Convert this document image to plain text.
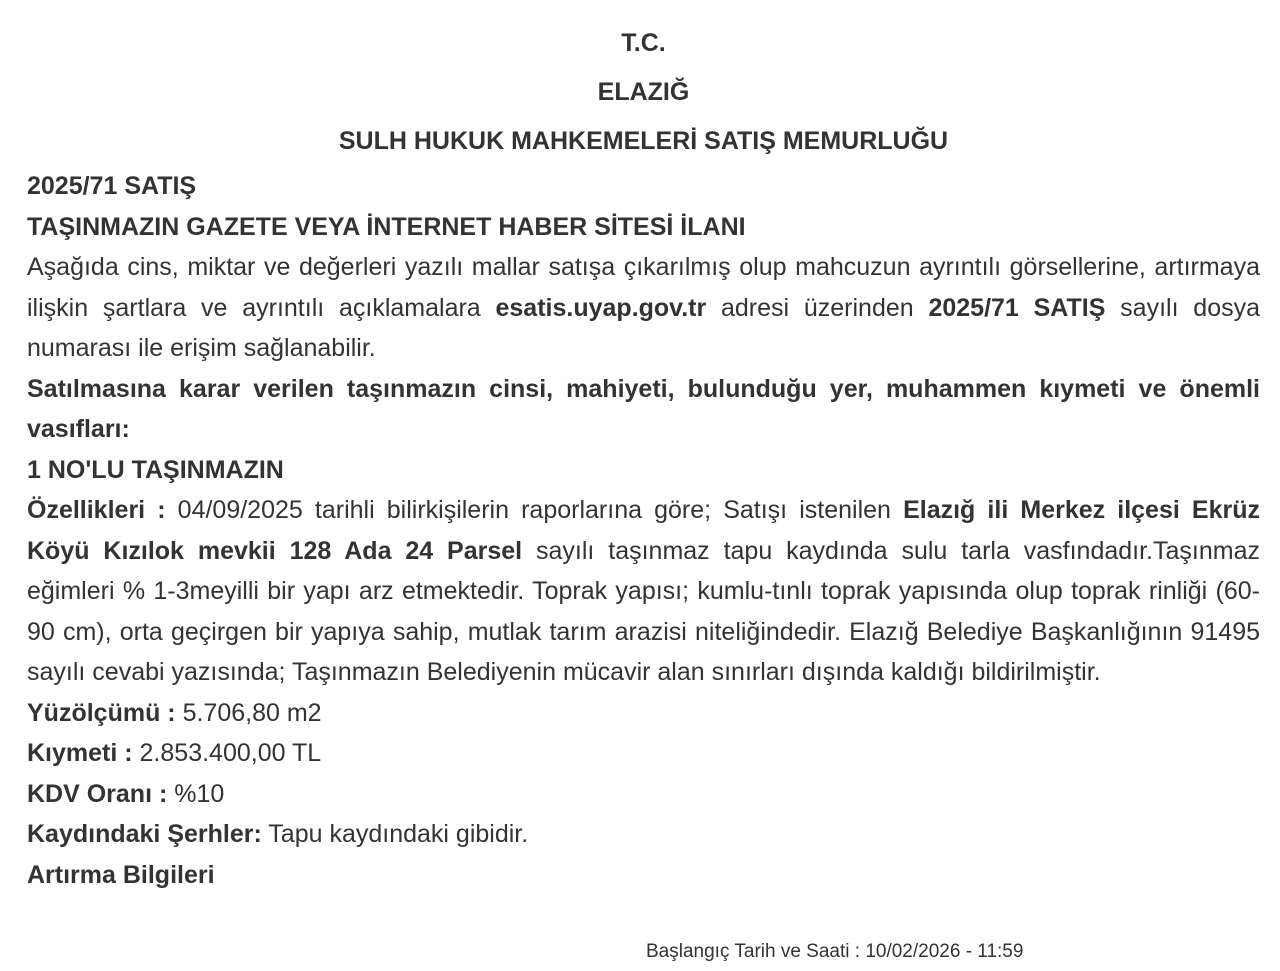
T.C.
ELAZIĞ
SULH HUKUK MAHKEMELERİ SATIŞ MEMURLUĞU
2025/71 SATIŞ
TAŞINMAZIN GAZETE VEYA İNTERNET HABER SİTESİ İLANI
Aşağıda cins, miktar ve değerleri yazılı mallar satışa çıkarılmış olup mahcuzun ayrıntılı görsellerine, artırmaya ilişkin şartlara ve ayrıntılı açıklamalara esatis.uyap.gov.tr adresi üzerinden 2025/71 SATIŞ sayılı dosya numarası ile erişim sağlanabilir.
Satılmasına karar verilen taşınmazın cinsi, mahiyeti, bulunduğu yer, muhammen kıymeti ve önemli vasıfları:
1 NO'LU TAŞINMAZIN
Özellikleri : 04/09/2025 tarihli bilirkişilerin raporlarına göre; Satışı istenilen Elazığ ili Merkez ilçesi Ekrüz Köyü Kızılok mevkii 128 Ada 24 Parsel sayılı taşınmaz tapu kaydında sulu tarla vasfındadır.Taşınmaz eğimleri % 1-3meyilli bir yapı arz etmektedir. Toprak yapısı; kumlu-tınlı toprak yapısında olup toprak rinliği (60-90 cm), orta geçirgen bir yapıya sahip, mutlak tarım arazisi niteliğindedir. Elazığ Belediye Başkanlığının 91495 sayılı cevabi yazısında; Taşınmazın Belediyenin mücavir alan sınırları dışında kaldığı bildirilmiştir.
Yüzölçümü : 5.706,80 m2
Kıymeti : 2.853.400,00 TL
KDV Oranı : %10
Kaydındaki Şerhler: Tapu kaydındaki gibidir.
Artırma Bilgileri
Başlangıç Tarih ve Saati : 10/02/2026 - 11:59
